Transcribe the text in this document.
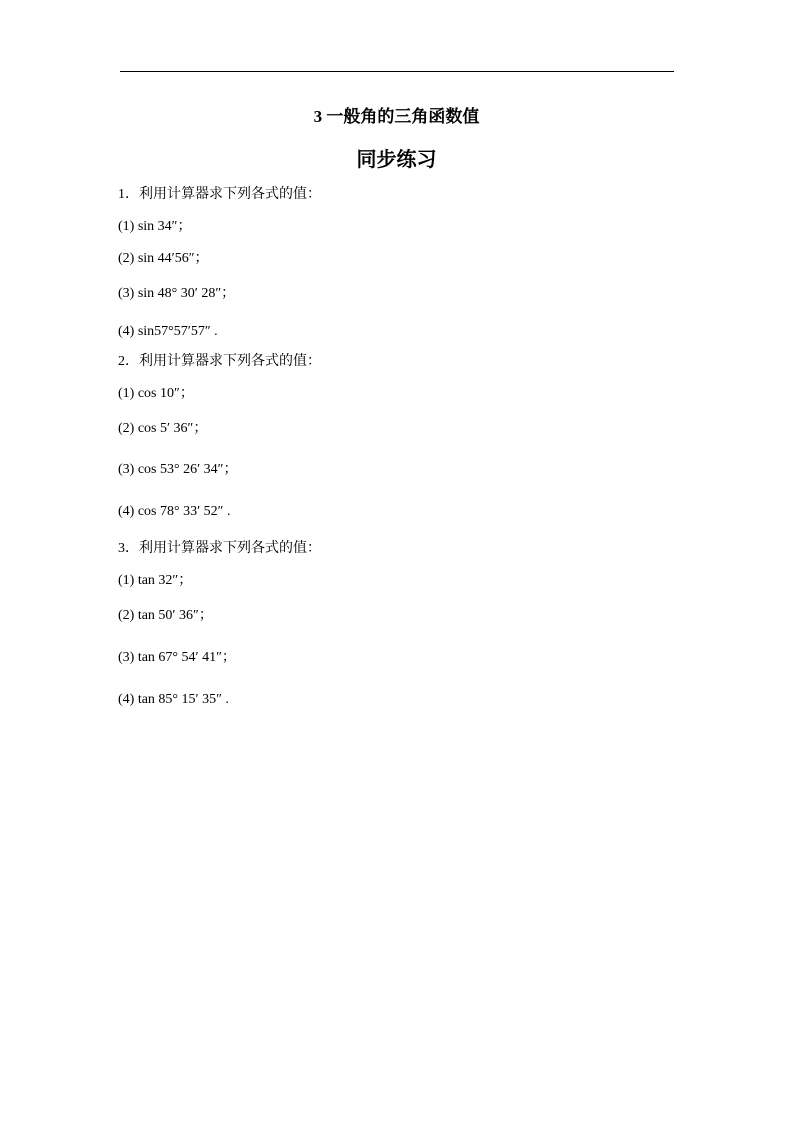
3 一般角的三角函数值
同步练习
1．利用计算器求下列各式的值：
(1) sin 34″；
(2) sin 44′56″；
(3) sin 48° 30′ 28″；
(4) sin57°57′57″ .
2．利用计算器求下列各式的值：
(1) cos 10″；
(2) cos 5′ 36″；
(3) cos 53° 26′ 34″；
(4) cos 78° 33′ 52″ .
3．利用计算器求下列各式的值：
(1) tan 32″；
(2) tan 50′ 36″；
(3) tan 67° 54′ 41″；
(4) tan 85° 15′ 35″ .
